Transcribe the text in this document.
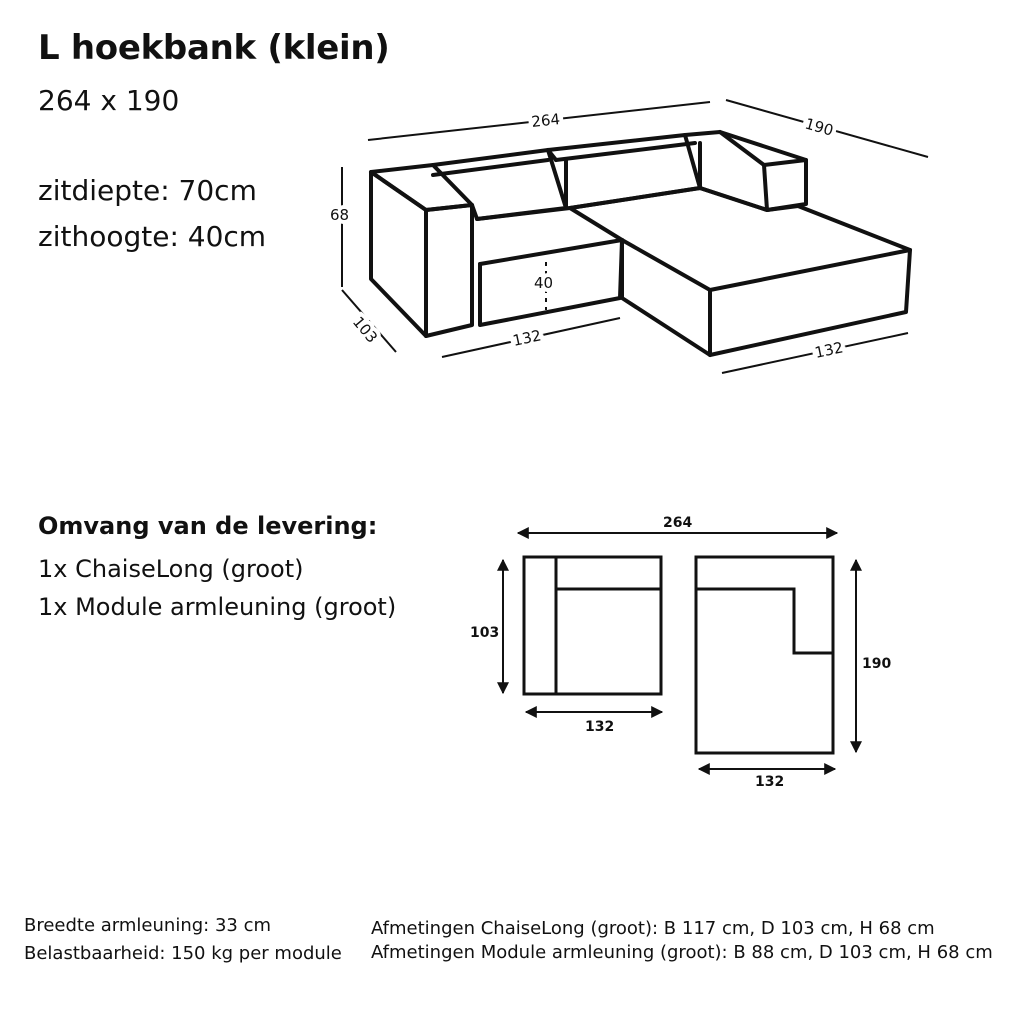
L hoekbank (klein)
264 x 190
zitdiepte: 70cm
zithoogte: 40cm
264	190
68
103
40
132
132
Omvang van de levering:
1x ChaiseLong (groot)
1x Module armleuning (groot)
264
103
132
190
132
Breedte armleuning: 33 cm
Belastbaarheid: 150 kg per module
Afmetingen ChaiseLong (groot): B 117 cm, D 103 cm, H 68 cm
Afmetingen Module armleuning (groot): B 88 cm, D 103 cm, H 68 cm
